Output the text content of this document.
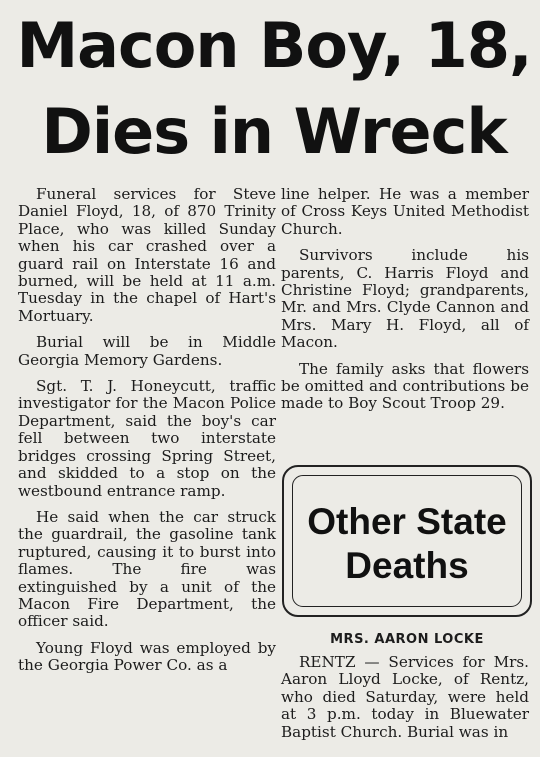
Macon Boy, 18,
Dies in Wreck

Funeral services for Steve Daniel Floyd, 18, of 870 Trinity Place, who was killed Sunday when his car crashed over a guard rail on Interstate 16 and burned, will be held at 11 a.m. Tuesday in the chapel of Hart's Mortuary.

Burial will be in Middle Georgia Memory Gardens.

Sgt. T. J. Honeycutt, traffic investigator for the Macon Police Department, said the boy's car fell between two interstate bridges crossing Spring Street, and skidded to a stop on the westbound entrance ramp.

He said when the car struck the guardrail, the gasoline tank ruptured, causing it to burst into flames. The fire was extinguished by a unit of the Macon Fire Department, the officer said.

Young Floyd was employed by the Georgia Power Co. as a

line helper. He was a member of Cross Keys United Methodist Church.

Survivors include his parents, C. Harris Floyd and Christine Floyd; grandparents, Mr. and Mrs. Clyde Cannon and Mrs. Mary H. Floyd, all of Macon.

The family asks that flowers be omitted and contributions be made to Boy Scout Troop 29.

Other State
Deaths
MRS. AARON LOCKE

RENTZ — Services for Mrs. Aaron Lloyd Locke, of Rentz, who died Saturday, were held at 3 p.m. today in Bluewater Baptist Church. Burial was in
